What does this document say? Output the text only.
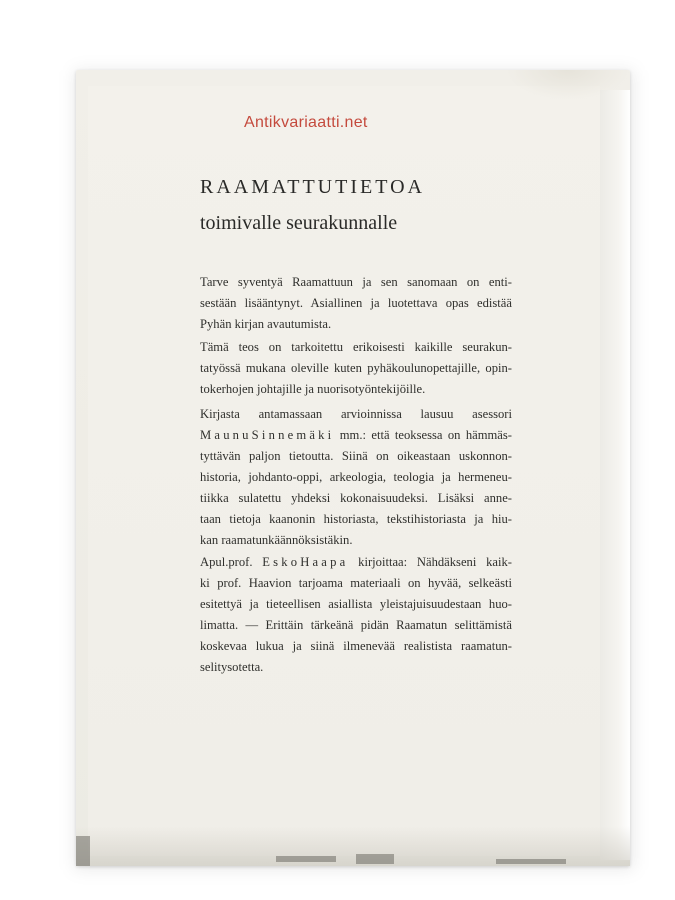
Antikvariaatti.net
RAAMATTUTIETOA
toimivalle seurakunnalle
Tarve syventyä Raamattuun ja sen sanomaan on enti-
sestään lisääntynyt. Asiallinen ja luotettava opas edistää
Pyhän kirjan avautumista.
Tämä teos on tarkoitettu erikoisesti kaikille seurakun-
tatyössä mukana oleville kuten pyhäkoulunopettajille, opin-
tokerhojen johtajille ja nuorisotyöntekijöille.
Kirjasta antamassaan arvioinnissa lausuu asessori
MaunuSinnemäki mm.: että teoksessa on hämmäs-
tyttävän paljon tietoutta. Siinä on oikeastaan uskonnon-
historia, johdanto-oppi, arkeologia, teologia ja hermeneu-
tiikka sulatettu yhdeksi kokonaisuudeksi. Lisäksi anne-
taan tietoja kaanonin historiasta, tekstihistoriasta ja hiu-
kan raamatunkäännöksistäkin.
Apul.prof. EskoHaapa kirjoittaa: Nähdäkseni kaik-
ki prof. Haavion tarjoama materiaali on hyvää, selkeästi
esitettyä ja tieteellisen asiallista yleistajuisuudestaan huo-
limatta. — Erittäin tärkeänä pidän Raamatun selittämistä
koskevaa lukua ja siinä ilmenevää realistista raamatun-
selitysotetta.
